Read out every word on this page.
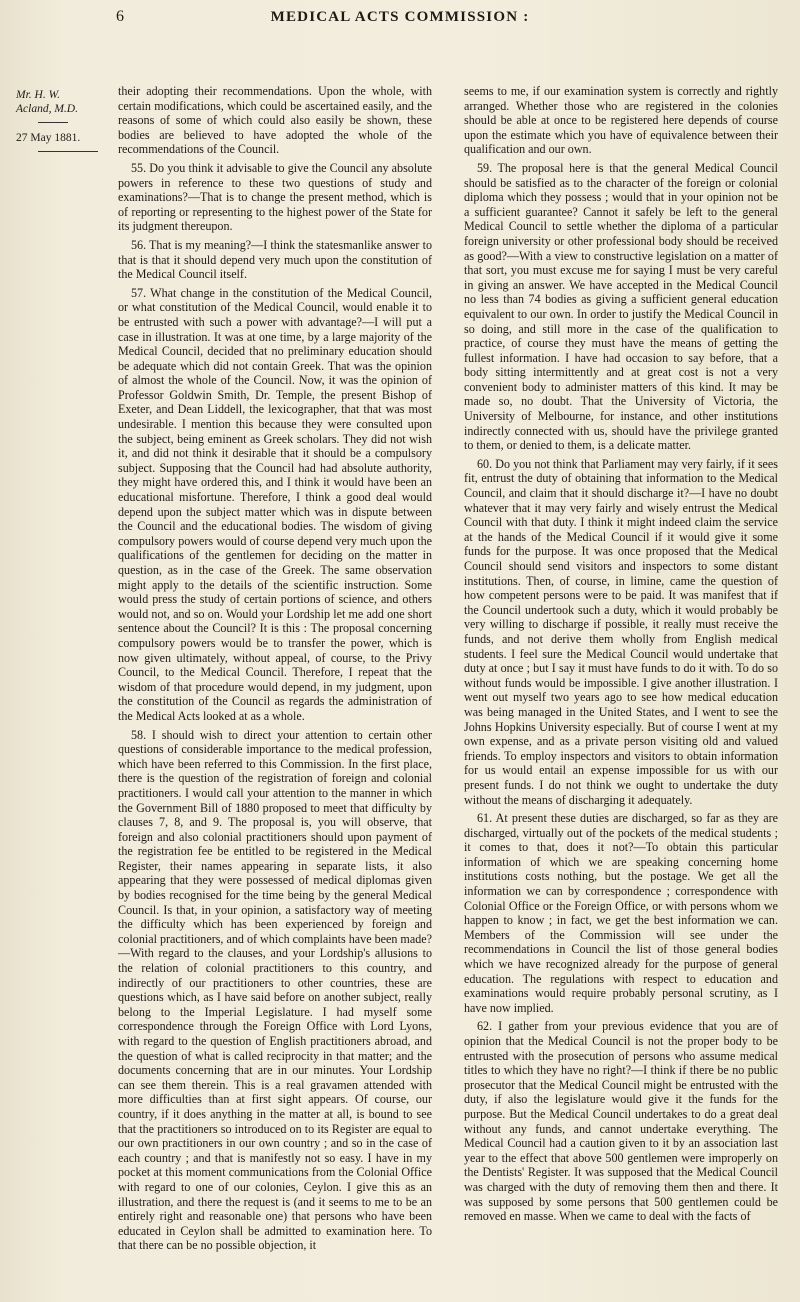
6	MEDICAL ACTS COMMISSION :
Mr. H. W. Acland, M.D.
27 May 1881.

their adopting their recommendations. Upon the whole, with certain modifications, which could be ascertained easily, and the reasons of some of which could also easily be shown, these bodies are believed to have adopted the whole of the recommendations of the Council.

55. Do you think it advisable to give the Council any absolute powers in reference to these two questions of study and examinations?—That is to change the present method, which is of reporting or representing to the highest power of the State for its judgment thereupon.

56. That is my meaning?—I think the statesmanlike answer to that is that it should depend very much upon the constitution of the Medical Council itself.

57. What change in the constitution of the Medical Council, or what constitution of the Medical Council, would enable it to be entrusted with such a power with advantage?—I will put a case in illustration. It was at one time, by a large majority of the Medical Council, decided that no preliminary education should be adequate which did not contain Greek. That was the opinion of almost the whole of the Council. Now, it was the opinion of Professor Goldwin Smith, Dr. Temple, the present Bishop of Exeter, and Dean Liddell, the lexicographer, that that was most undesirable. I mention this because they were consulted upon the subject, being eminent as Greek scholars. They did not wish it, and did not think it desirable that it should be a compulsory subject. Supposing that the Council had had absolute authority, they might have ordered this, and I think it would have been an educational misfortune. Therefore, I think a good deal would depend upon the subject matter which was in dispute between the Council and the educational bodies. The wisdom of giving compulsory powers would of course depend very much upon the qualifications of the gentlemen for deciding on the matter in question, as in the case of the Greek. The same observation might apply to the details of the scientific instruction. Some would press the study of certain portions of science, and others would not, and so on. Would your Lordship let me add one short sentence about the Council? It is this : The proposal concerning compulsory powers would be to transfer the power, which is now given ultimately, without appeal, of course, to the Privy Council, to the Medical Council. Therefore, I repeat that the wisdom of that procedure would depend, in my judgment, upon the constitution of the Council as regards the administration of the Medical Acts looked at as a whole.

58. I should wish to direct your attention to certain other questions of considerable importance to the medical profession, which have been referred to this Commission. In the first place, there is the question of the registration of foreign and colonial practitioners. I would call your attention to the manner in which the Government Bill of 1880 proposed to meet that difficulty by clauses 7, 8, and 9. The proposal is, you will observe, that foreign and also colonial practitioners should upon payment of the registration fee be entitled to be registered in the Medical Register, their names appearing in separate lists, it also appearing that they were possessed of medical diplomas given by bodies recognised for the time being by the general Medical Council. Is that, in your opinion, a satisfactory way of meeting the difficulty which has been experienced by foreign and colonial practitioners, and of which complaints have been made?—With regard to the clauses, and your Lordship's allusions to the relation of colonial practitioners to this country, and indirectly of our practitioners to other countries, these are questions which, as I have said before on another subject, really belong to the Imperial Legislature. I had myself some correspondence through the Foreign Office with Lord Lyons, with regard to the question of English practitioners abroad, and the question of what is called reciprocity in that matter; and the documents concerning that are in our minutes. Your Lordship can see them therein. This is a real gravamen attended with more difficulties than at first sight appears. Of course, our country, if it does anything in the matter at all, is bound to see that the practitioners so introduced on to its Register are equal to our own practitioners in our own country ; and so in the case of each country ; and that is manifestly not so easy. I have in my pocket at this moment communications from the Colonial Office with regard to one of our colonies, Ceylon. I give this as an illustration, and there the request is (and it seems to me to be an entirely right and reasonable one) that persons who have been educated in Ceylon shall be admitted to examination here. To that there can be no possible objection, it

seems to me, if our examination system is correctly and rightly arranged. Whether those who are registered in the colonies should be able at once to be registered here depends of course upon the estimate which you have of equivalence between their qualification and our own.

59. The proposal here is that the general Medical Council should be satisfied as to the character of the foreign or colonial diploma which they possess ; would that in your opinion not be a sufficient guarantee? Cannot it safely be left to the general Medical Council to settle whether the diploma of a particular foreign university or other professional body should be received as good?—With a view to constructive legislation on a matter of that sort, you must excuse me for saying I must be very careful in giving an answer. We have accepted in the Medical Council no less than 74 bodies as giving a sufficient general education equivalent to our own. In order to justify the Medical Council in so doing, and still more in the case of the qualification to practice, of course they must have the means of getting the fullest information. I have had occasion to say before, that a body sitting intermittently and at great cost is not a very convenient body to administer matters of this kind. It may be made so, no doubt. That the University of Victoria, the University of Melbourne, for instance, and other institutions indirectly connected with us, should have the privilege granted to them, or denied to them, is a delicate matter.

60. Do you not think that Parliament may very fairly, if it sees fit, entrust the duty of obtaining that information to the Medical Council, and claim that it should discharge it?—I have no doubt whatever that it may very fairly and wisely entrust the Medical Council with that duty. I think it might indeed claim the service at the hands of the Medical Council if it would give it some funds for the purpose. It was once proposed that the Medical Council should send visitors and inspectors to some distant institutions. Then, of course, in limine, came the question of how competent persons were to be paid. It was manifest that if the Council undertook such a duty, which it would probably be very willing to discharge if possible, it really must receive the funds, and not derive them wholly from English medical students. I feel sure the Medical Council would undertake that duty at once ; but I say it must have funds to do it with. To do so without funds would be impossible. I give another illustration. I went out myself two years ago to see how medical education was being managed in the United States, and I went to see the Johns Hopkins University especially. But of course I went at my own expense, and as a private person visiting old and valued friends. To employ inspectors and visitors to obtain information for us would entail an expense impossible for us with our present funds. I do not think we ought to undertake the duty without the means of discharging it adequately.

61. At present these duties are discharged, so far as they are discharged, virtually out of the pockets of the medical students ; it comes to that, does it not?—To obtain this particular information of which we are speaking concerning home institutions costs nothing, but the postage. We get all the information we can by correspondence ; correspondence with Colonial Office or the Foreign Office, or with persons whom we happen to know ; in fact, we get the best information we can. Members of the Commission will see under the recommendations in Council the list of those general bodies which we have recognized already for the purpose of general education. The regulations with respect to education and examinations would require probably personal scrutiny, as I have now implied.

62. I gather from your previous evidence that you are of opinion that the Medical Council is not the proper body to be entrusted with the prosecution of persons who assume medical titles to which they have no right?—I think if there be no public prosecutor that the Medical Council might be entrusted with the duty, if also the legislature would give it the funds for the purpose. But the Medical Council undertakes to do a great deal without any funds, and cannot undertake everything. The Medical Council had a caution given to it by an association last year to the effect that above 500 gentlemen were improperly on the Dentists' Register. It was supposed that the Medical Council was charged with the duty of removing them then and there. It was supposed by some persons that 500 gentlemen could be removed en masse. When we came to deal with the facts of
